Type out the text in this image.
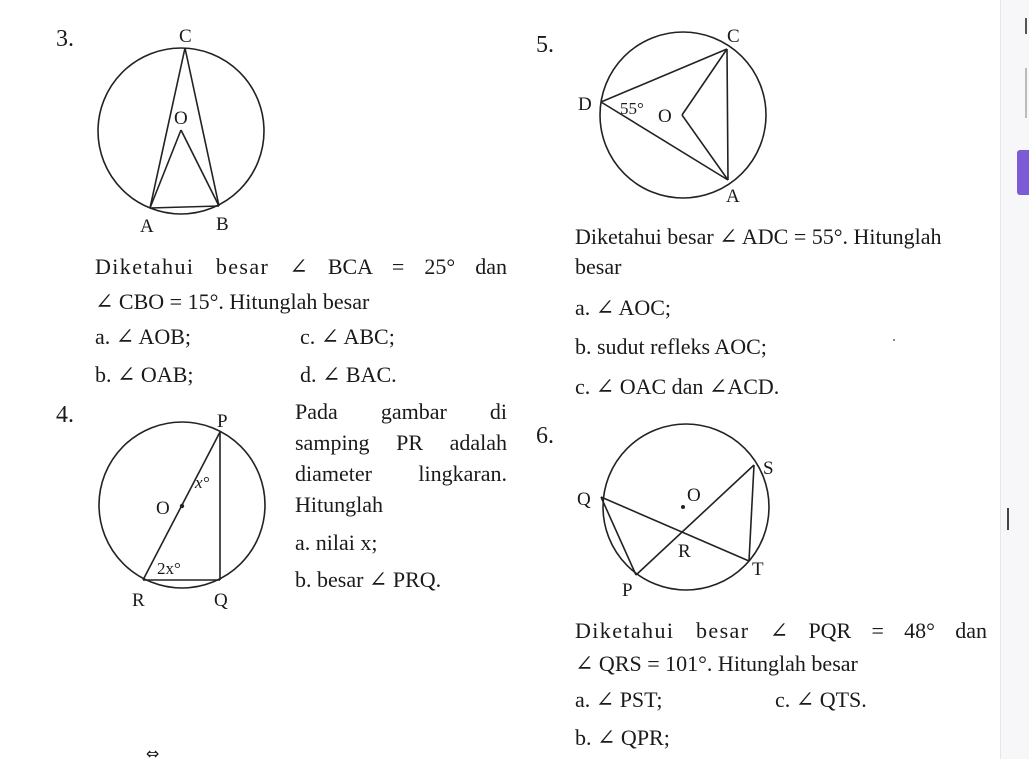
3.	C
O
A	B
Diketahui besar ∠ BCA = 25° dan
∠ CBO = 15°. Hitunglah besar
a. ∠ AOB;	c. ∠ ABC;
b. ∠ OAB;	d. ∠ BAC.
4.	P
O
R	Q
x°
2x°
Pada gambar di
samping PR adalah
diameter lingkaran.
Hitunglah
a. nilai x;
b. besar ∠ PRQ.
5.	C
D
O
A
55°
Diketahui besar ∠ ADC = 55°. Hitunglah
besar
a. ∠ AOC;
b. sudut refleks AOC;
c. ∠ OAC dan ∠ACD.
6.
S
O
Q
R
T
P
Diketahui besar ∠ PQR = 48° dan
∠ QRS = 101°. Hitunglah besar
a. ∠ PST;	c. ∠ QTS.
b. ∠ QPR;
⇔
